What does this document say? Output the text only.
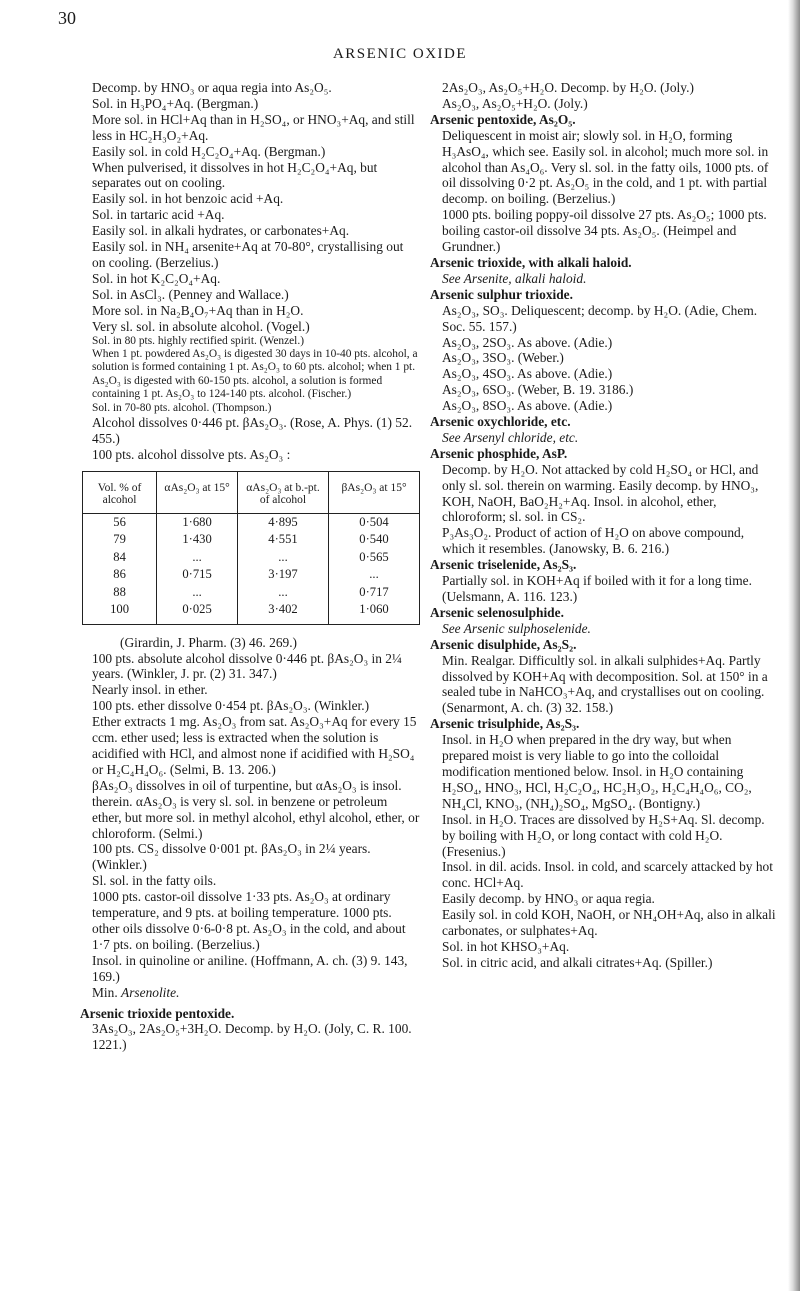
30
ARSENIC OXIDE

Decomp. by HNO₃ or aqua regia into As₂O₅.

Sol. in H₃PO₄+Aq. (Bergman.)

More sol. in HCl+Aq than in H₂SO₄, or HNO₃+Aq, and still less in HC₂H₃O₂+Aq.

Easily sol. in cold H₂C₂O₄+Aq. (Bergman.)

When pulverised, it dissolves in hot H₂C₂O₄+Aq, but separates out on cooling.

Easily sol. in hot benzoic acid +Aq.

Sol. in tartaric acid +Aq.

Easily sol. in alkali hydrates, or carbonates+Aq.

Easily sol. in NH₄ arsenite+Aq at 70-80°, crystallising out on cooling. (Berzelius.)

Sol. in hot K₂C₂O₄+Aq.

Sol. in AsCl₃. (Penney and Wallace.)

More sol. in Na₂B₄O₇+Aq than in H₂O.

Very sl. sol. in absolute alcohol. (Vogel.)

Sol. in 80 pts. highly rectified spirit. (Wenzel.)

When 1 pt. powdered As₂O₃ is digested 30 days in 10-40 pts. alcohol, a solution is formed containing 1 pt. As₂O₃ to 60 pts. alcohol; when 1 pt. As₂O₃ is digested with 60-150 pts. alcohol, a solution is formed containing 1 pt. As₂O₃ to 124-140 pts. alcohol. (Fischer.)

Sol. in 70-80 pts. alcohol. (Thompson.)

Alcohol dissolves 0·446 pt. βAs₂O₃. (Rose, A. Phys. (1) 52. 455.)

100 pts. alcohol dissolve pts. As₂O₃ :

Vol. % of alcohol	αAs₂O₃ at 15°	αAs₂O₃ at b.-pt. of alcohol	βAs₂O₃ at 15°
56	1·680	4·895	0·504
79	1·430	4·551	0·540
84	...	...	0·565
86	0·715	3·197	...
88	...	...	0·717
100	0·025	3·402	1·060

(Girardin, J. Pharm. (3) 46. 269.)

100 pts. absolute alcohol dissolve 0·446 pt. βAs₂O₃ in 2¼ years. (Winkler, J. pr. (2) 31. 347.)

Nearly insol. in ether.

100 pts. ether dissolve 0·454 pt. βAs₂O₃. (Winkler.)

Ether extracts 1 mg. As₂O₃ from sat. As₂O₃+Aq for every 15 ccm. ether used; less is extracted when the solution is acidified with HCl, and almost none if acidified with H₂SO₄ or H₂C₄H₄O₆. (Selmi, B. 13. 206.)

βAs₂O₃ dissolves in oil of turpentine, but αAs₂O₃ is insol. therein. αAs₂O₃ is very sl. sol. in benzene or petroleum ether, but more sol. in methyl alcohol, ethyl alcohol, ether, or chloroform. (Selmi.)

100 pts. CS₂ dissolve 0·001 pt. βAs₂O₃ in 2¼ years. (Winkler.)

Sl. sol. in the fatty oils.

1000 pts. castor-oil dissolve 1·33 pts. As₂O₃ at ordinary temperature, and 9 pts. at boiling temperature. 1000 pts. other oils dissolve 0·6-0·8 pt. As₂O₃ in the cold, and about 1·7 pts. on boiling. (Berzelius.)

Insol. in quinoline or aniline. (Hoffmann, A. ch. (3) 9. 143, 169.)

Min. Arsenolite.

Arsenic trioxide pentoxide.

3As₂O₃, 2As₂O₅+3H₂O. Decomp. by H₂O. (Joly, C. R. 100. 1221.)

2As₂O₃, As₂O₅+H₂O. Decomp. by H₂O. (Joly.)

As₂O₃, As₂O₅+H₂O. (Joly.)

Arsenic pentoxide, As₂O₅.

Deliquescent in moist air; slowly sol. in H₂O, forming H₃AsO₄, which see. Easily sol. in alcohol; much more sol. in alcohol than As₄O₆. Very sl. sol. in the fatty oils, 1000 pts. of oil dissolving 0·2 pt. As₂O₅ in the cold, and 1 pt. with partial decomp. on boiling. (Berzelius.)

1000 pts. boiling poppy-oil dissolve 27 pts. As₂O₅; 1000 pts. boiling castor-oil dissolve 34 pts. As₂O₅. (Heimpel and Grundner.)

Arsenic trioxide, with alkali haloid.

See Arsenite, alkali haloid.

Arsenic sulphur trioxide.

As₂O₃, SO₃. Deliquescent; decomp. by H₂O. (Adie, Chem. Soc. 55. 157.)

As₂O₃, 2SO₃. As above. (Adie.)

As₂O₃, 3SO₃. (Weber.)

As₂O₃, 4SO₃. As above. (Adie.)

As₂O₃, 6SO₃. (Weber, B. 19. 3186.)

As₂O₃, 8SO₃. As above. (Adie.)

Arsenic oxychloride, etc.

See Arsenyl chloride, etc.

Arsenic phosphide, AsP.

Decomp. by H₂O. Not attacked by cold H₂SO₄ or HCl, and only sl. sol. therein on warming. Easily decomp. by HNO₃, KOH, NaOH, BaO₂H₂+Aq. Insol. in alcohol, ether, chloroform; sl. sol. in CS₂.

P₃As₃O₂. Product of action of H₂O on above compound, which it resembles. (Janowsky, B. 6. 216.)

Arsenic triselenide, As₂S₃.

Partially sol. in KOH+Aq if boiled with it for a long time. (Uelsmann, A. 116. 123.)

Arsenic selenosulphide.

See Arsenic sulphoselenide.

Arsenic disulphide, As₂S₂.

Min. Realgar. Difficultly sol. in alkali sulphides+Aq. Partly dissolved by KOH+Aq with decomposition. Sol. at 150° in a sealed tube in NaHCO₃+Aq, and crystallises out on cooling. (Senarmont, A. ch. (3) 32. 158.)

Arsenic trisulphide, As₂S₃.

Insol. in H₂O when prepared in the dry way, but when prepared moist is very liable to go into the colloidal modification mentioned below. Insol. in H₂O containing H₂SO₄, HNO₃, HCl, H₂C₂O₄, HC₂H₃O₂, H₂C₄H₄O₆, CO₂, NH₄Cl, KNO₃, (NH₄)₂SO₄, MgSO₄. (Bontigny.)

Insol. in H₂O. Traces are dissolved by H₂S+Aq. Sl. decomp. by boiling with H₂O, or long contact with cold H₂O. (Fresenius.)

Insol. in dil. acids. Insol. in cold, and scarcely attacked by hot conc. HCl+Aq.

Easily decomp. by HNO₃ or aqua regia.

Easily sol. in cold KOH, NaOH, or NH₄OH+Aq, also in alkali carbonates, or sulphates+Aq.

Sol. in hot KHSO₃+Aq.

Sol. in citric acid, and alkali citrates+Aq. (Spiller.)
